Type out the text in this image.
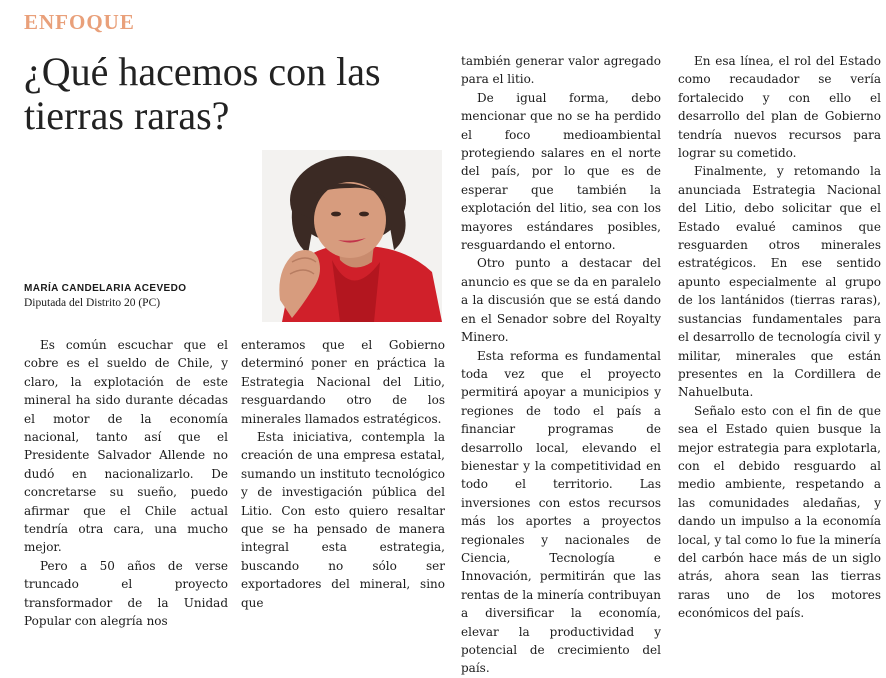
ENFOQUE
¿Qué hacemos con las tierras raras?

MARÍA CANDELARIA ACEVEDO

Diputada del Distrito 20 (PC)

Es común escuchar que el cobre es el sueldo de Chile, y claro, la explotación de este mineral ha sido durante décadas el motor de la economía nacional, tanto así que el Presidente Salvador Allende no dudó en nacionalizarlo. De concretarse su sueño, puedo afirmar que el Chile actual tendría otra cara, una mucho mejor.

Pero a 50 años de verse truncado el proyecto transformador de la Unidad Popular con alegría nos

enteramos que el Gobierno determinó poner en práctica la Estrategia Nacional del Litio, resguardando otro de los minerales llamados estratégicos.

Esta iniciativa, contempla la creación de una empresa estatal, sumando un instituto tecnológico y de investigación pública del Litio. Con esto quiero resaltar que se ha pensado de manera integral esta estrategia, buscando no sólo ser exportadores del mineral, sino que

también generar valor agregado para el litio.

De igual forma, debo mencionar que no se ha perdido el foco medioambiental protegiendo salares en el norte del país, por lo que es de esperar que también la explotación del litio, sea con los mayores estándares posibles, resguardando el entorno.

Otro punto a destacar del anuncio es que se da en paralelo a la discusión que se está dando en el Senador sobre del Royalty Minero.

Esta reforma es fundamental toda vez que el proyecto permitirá apoyar a municipios y regiones de todo el país a financiar programas de desarrollo local, elevando el bienestar y la competitividad en todo el territorio. Las inversiones con estos recursos más los aportes a proyectos regionales y nacionales de Ciencia, Tecnología e Innovación, permitirán que las rentas de la minería contribuyan a diversificar la economía, elevar la productividad y potencial de crecimiento del país.

En esa línea, el rol del Estado como recaudador se vería fortalecido y con ello el desarrollo del plan de Gobierno tendría nuevos recursos para lograr su cometido.

Finalmente, y retomando la anunciada Estrategia Nacional del Litio, debo solicitar que el Estado evalué caminos que resguarden otros minerales estratégicos. En ese sentido apunto especialmente al grupo de los lantánidos (tierras raras), sustancias fundamentales para el desarrollo de tecnología civil y militar, minerales que están presentes en la Cordillera de Nahuelbuta.

Señalo esto con el fin de que sea el Estado quien busque la mejor estrategia para explotarla, con el debido resguardo al medio ambiente, respetando a las comunidades aledañas, y dando un impulso a la economía local, y tal como lo fue la minería del carbón hace más de un siglo atrás, ahora sean las tierras raras uno de los motores económicos del país.
